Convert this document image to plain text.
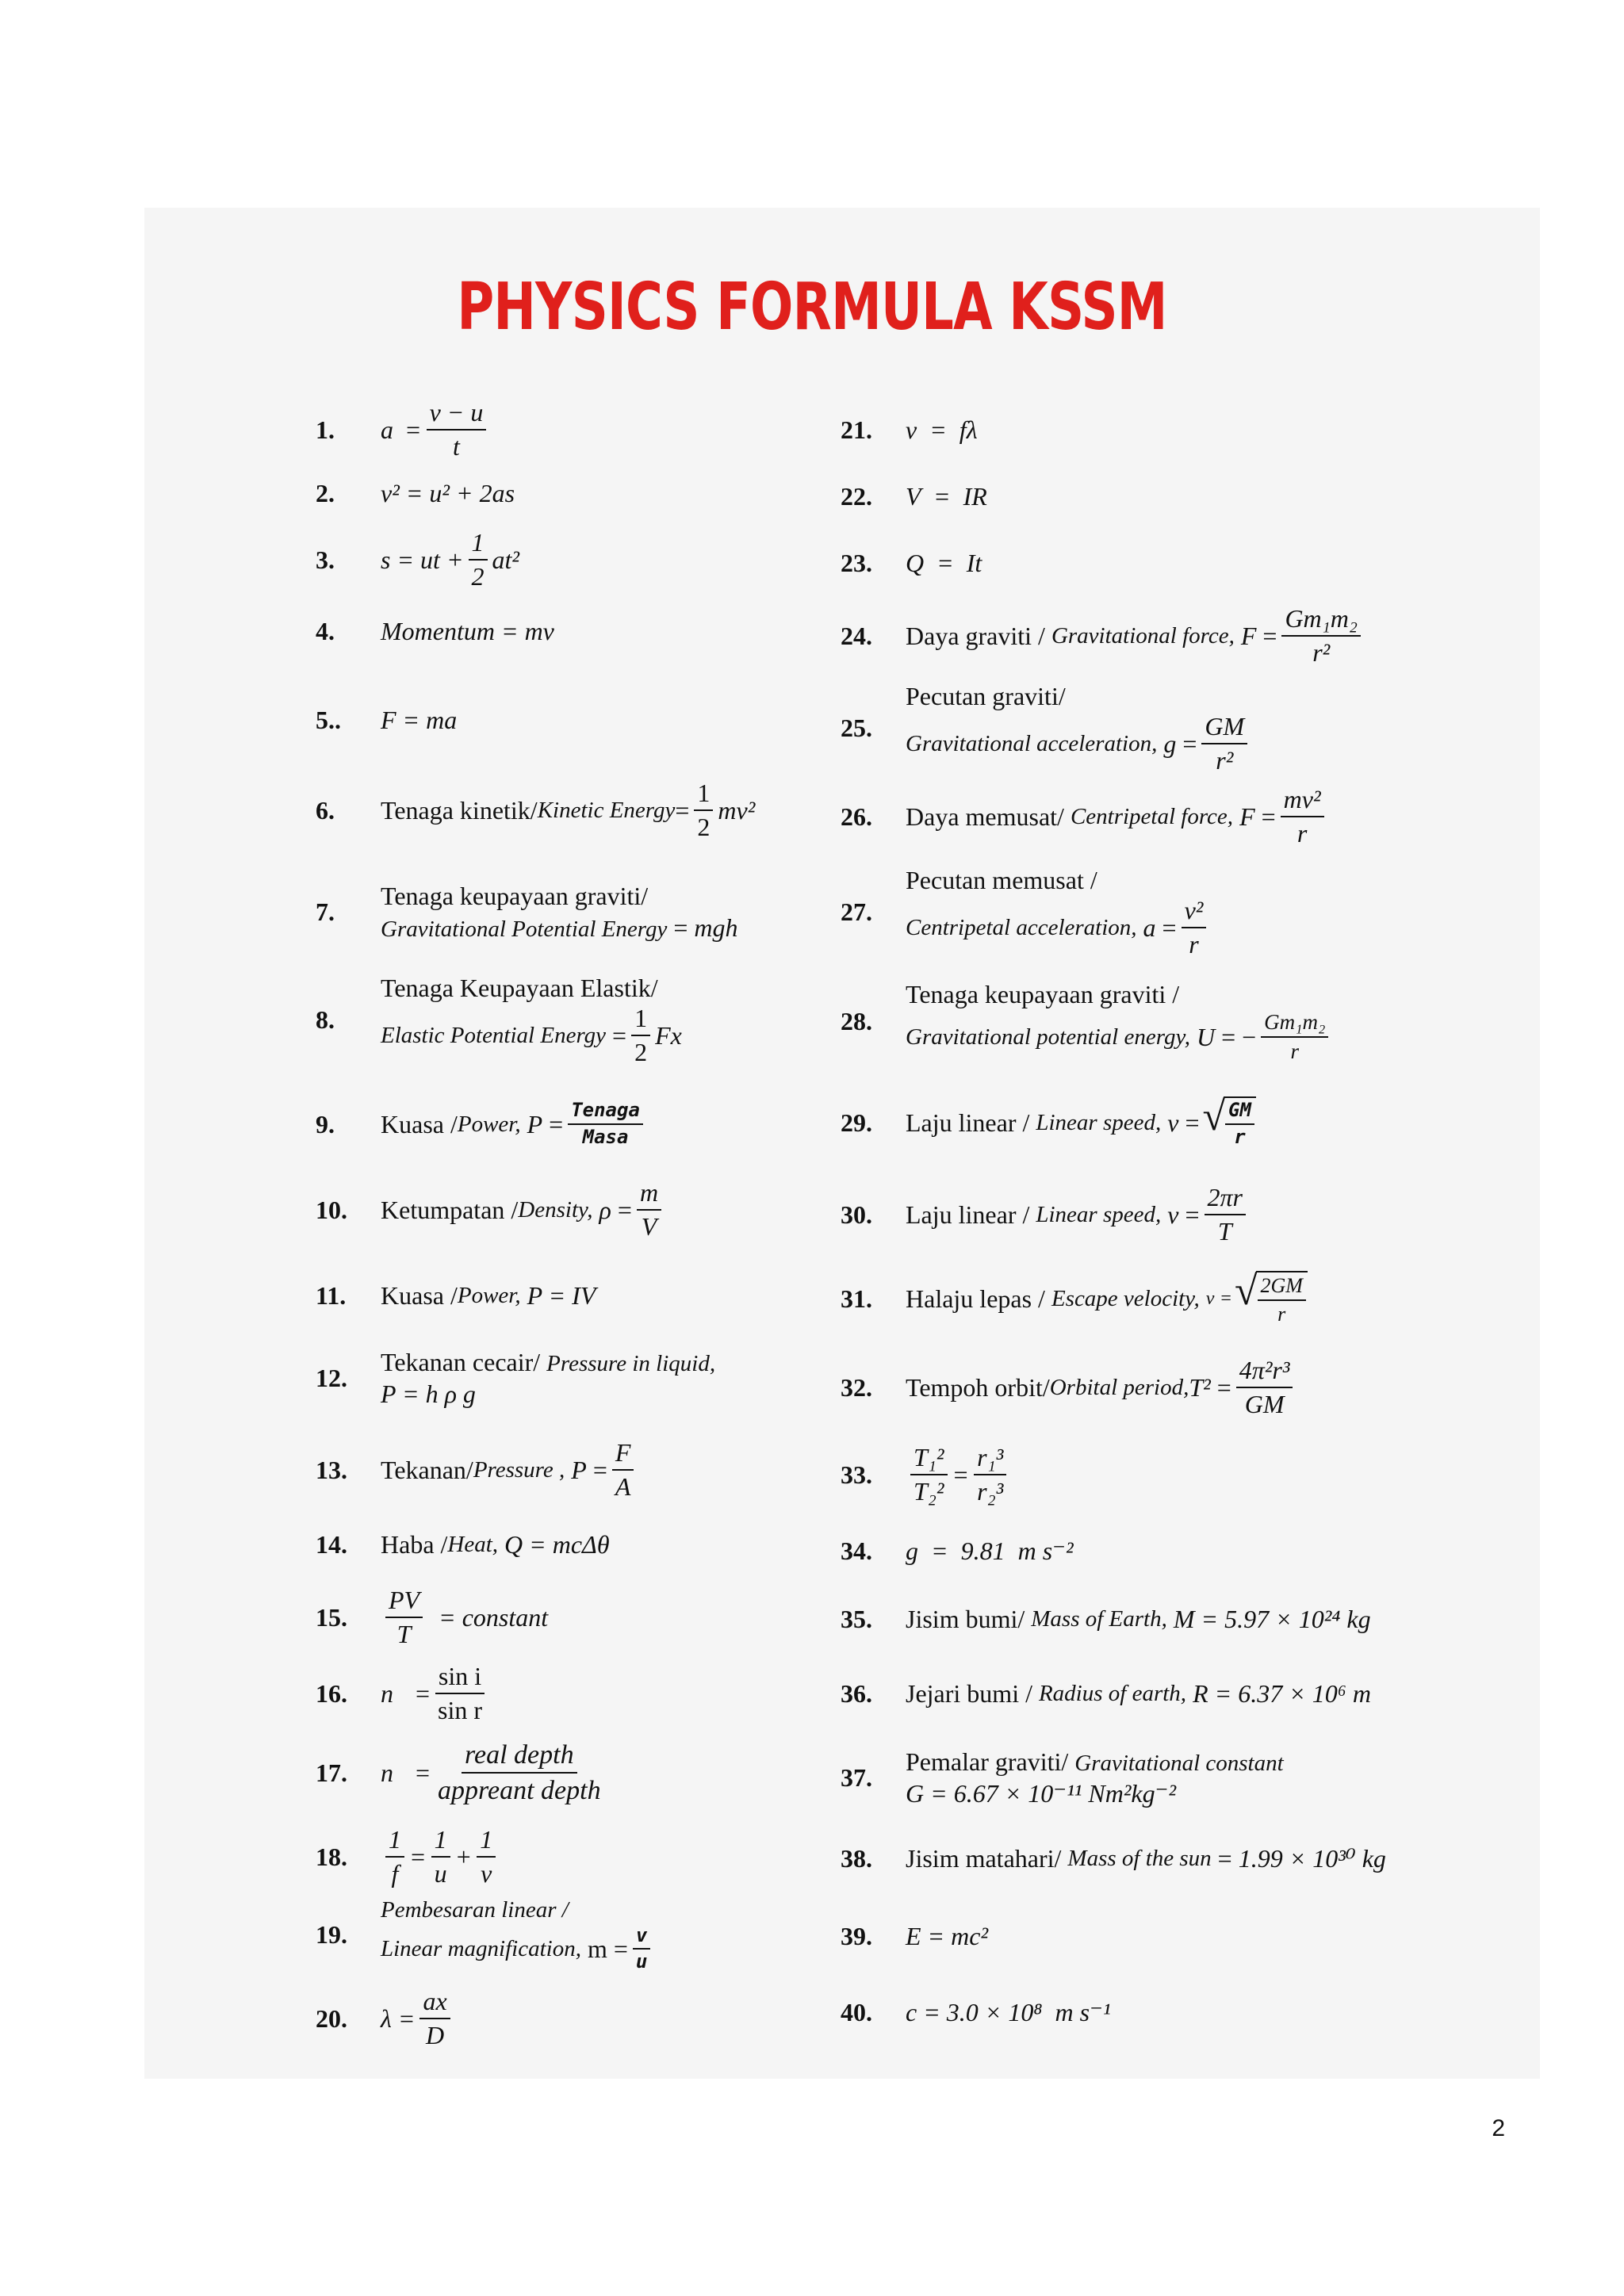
PHYSICS FORMULA KSSM
1.	$a = \frac{v - u}{t}$
2.	v² = u² + 2as
3.	s = ut + $\frac{1}{2} at^2$
4.	Momentum = mv
5..	F = ma
6.	Tenaga kinetik/ Kinetic Energy = $\frac{1}{2} mv^2$
7.
Tenaga keupayaan graviti/
Gravitational Potential Energy = mgh
8.
Tenaga Keupayaan Elastik/
Elastic Potential Energy
= $\frac{1}{2}$ Fx
9.	Kuasa / Power,
P
= $\frac{\text{Tenaga}}{\text{Masa}}$
10.	Ketumpatan / Density,
ρ
= $\frac{m}{V}$
11.	Kuasa / Power,
P = IV
12.
Tekanan cecair/ Pressure in liquid,
P = h ρ g
13.	Tekanan/ Pressure ,
P
= $\frac{F}{A}$
14.	Haba / Heat,
Q = mcΔθ
15.	$\frac{PV}{T}$ =
constant
16.	$n = \frac{\text{sin i}}{\text{sin r}}$
17.	$n = \frac{\text{real depth}}{\text{appreant depth}}$
18.	$\frac{1}{f} = \frac{1}{u} + \frac{1}{v}$
19.
Pembesaran linear /
Linear magnification,
m
= $\frac{v}{u}$
20.	λ
= $\frac{ax}{D}$
21.	v  =  fλ
22.	V  =  IR
23.	Q  =  It
24.	Daya graviti /
Gravitational force,
F
= $\frac{\text{Gm₁m₂}}{\text{r²}}$
25.
Pecutan graviti/
Gravitational acceleration,
g
= $\frac{GM}{\text{r²}}$
26.	Daya memusat/
Centripetal force,
F
= $\frac{\text{mv²}}{r}$
27.
Pecutan memusat /
Centripetal acceleration,
a
= $\frac{\text{v²}}{r}$
28.
Tenaga keupayaan graviti /
Gravitational potential energy,
U
= − $\frac{\text{Gm₁m₂}}{r}$
29.	Laju linear /
Linear speed,
v
= √ $\frac{GM}{r}$
30.	Laju linear /
Linear speed,
v
= $\frac{2\pi r}{T}$
31.	Halaju lepas /
Escape velocity,
v
= √ $\frac{2GM}{r}$
32.	Tempoh orbit/ Orbital period, T²
= $\frac{\text{4π²r³}}{GM}$
33.	$\frac{\text{T₁²}}{\text{T₂²}} = \frac{\text{r₁³}}{\text{r₂³}}$
34.	g  =  9.81  m s⁻²
35.	Jisim bumi/
Mass of Earth,
M = 5.97 × 10²⁴ kg
36.	Jejari bumi /
Radius of earth,
R = 6.37 × 10⁶ m
37.
Pemalar graviti/ Gravitational constant
G = 6.67 × 10⁻¹¹ Nm²kg⁻²
38.	Jisim matahari/
Mass of the sun
=
1.99 × 10³⁰ kg
39.	E = mc²
40.	c = 3.0 × 10⁸  m s⁻¹
2
